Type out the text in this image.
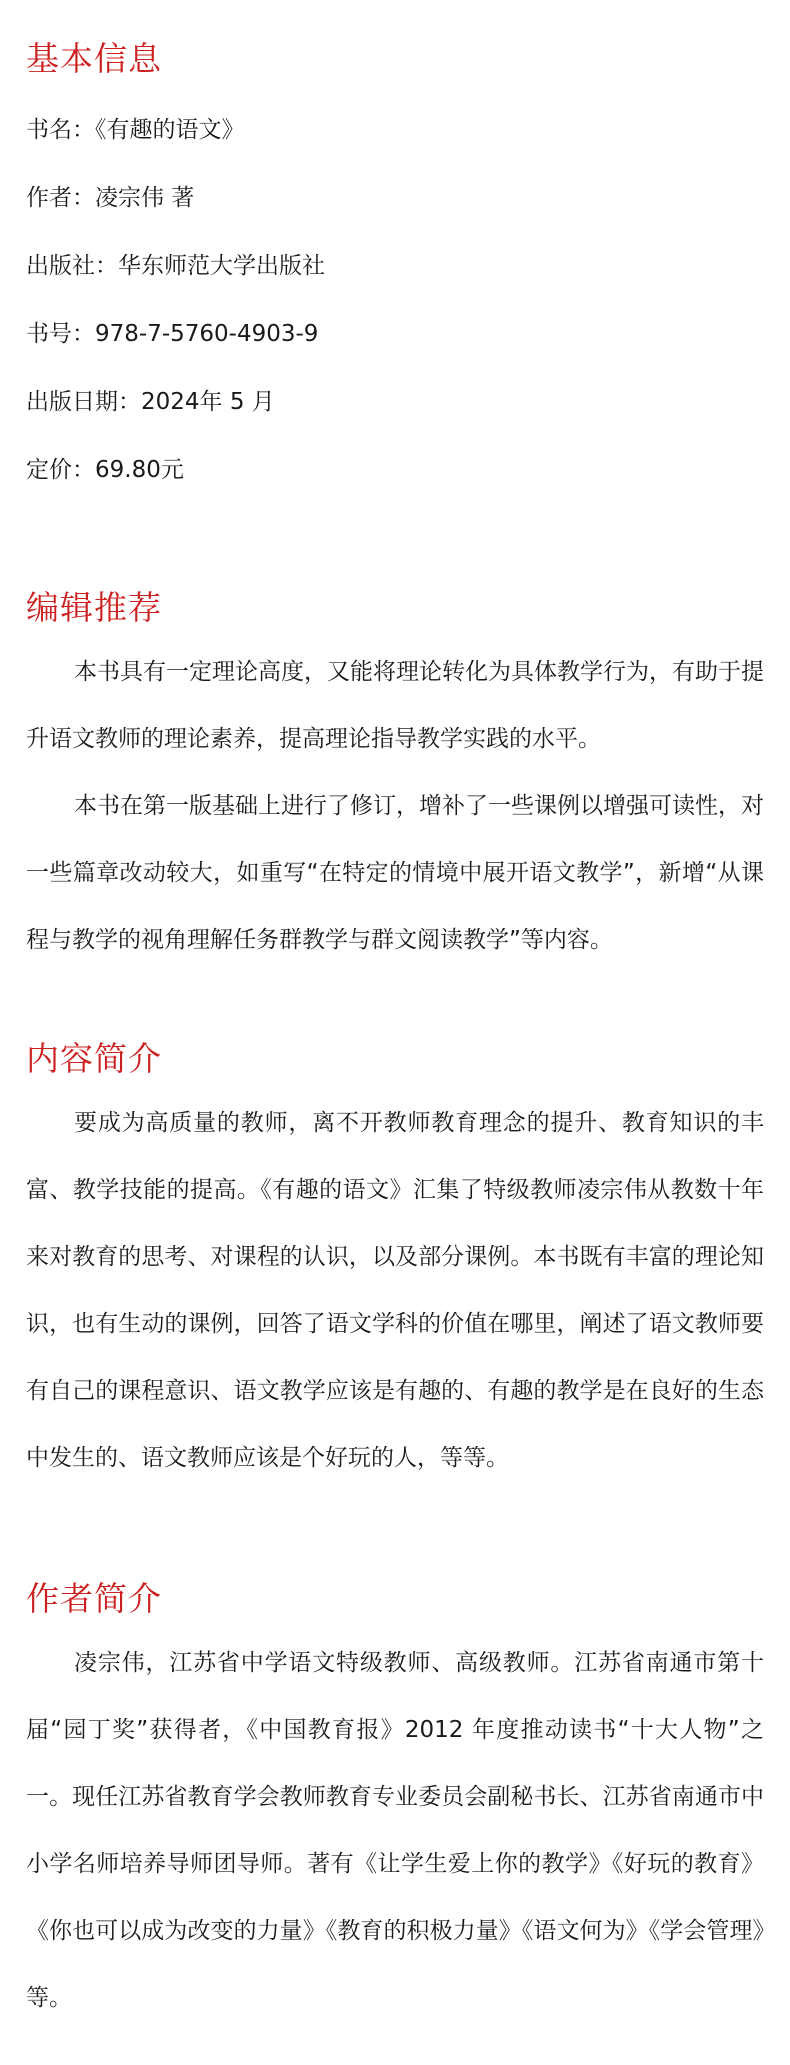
基本信息

书名：《有趣的语文》

作者：凌宗伟 著

出版社：华东师范大学出版社

书号：978-7-5760-4903-9

出版日期：2024年 5 月

定价：69.80元

编辑推荐

本书具有一定理论高度，又能将理论转化为具体教学行为，有助于提升语文教师的理论素养，提高理论指导教学实践的水平。

本书在第一版基础上进行了修订，增补了一些课例以增强可读性，对一些篇章改动较大，如重写“在特定的情境中展开语文教学”，新增“从课程与教学的视角理解任务群教学与群文阅读教学”等内容。

内容简介

要成为高质量的教师，离不开教师教育理念的提升、教育知识的丰富、教学技能的提高。《有趣的语文》汇集了特级教师凌宗伟从教数十年来对教育的思考、对课程的认识，以及部分课例。本书既有丰富的理论知识，也有生动的课例，回答了语文学科的价值在哪里，阐述了语文教师要有自己的课程意识、语文教学应该是有趣的、有趣的教学是在良好的生态中发生的、语文教师应该是个好玩的人，等等。

作者简介

凌宗伟，江苏省中学语文特级教师、高级教师。江苏省南通市第十届“园丁奖”获得者，《中国教育报》2012 年度推动读书“十大人物”之一。现任江苏省教育学会教师教育专业委员会副秘书长、江苏省南通市中小学名师培养导师团导师。著有《让学生爱上你的教学》《好玩的教育》《你也可以成为改变的力量》《教育的积极力量》《语文何为》《学会管理》等。
